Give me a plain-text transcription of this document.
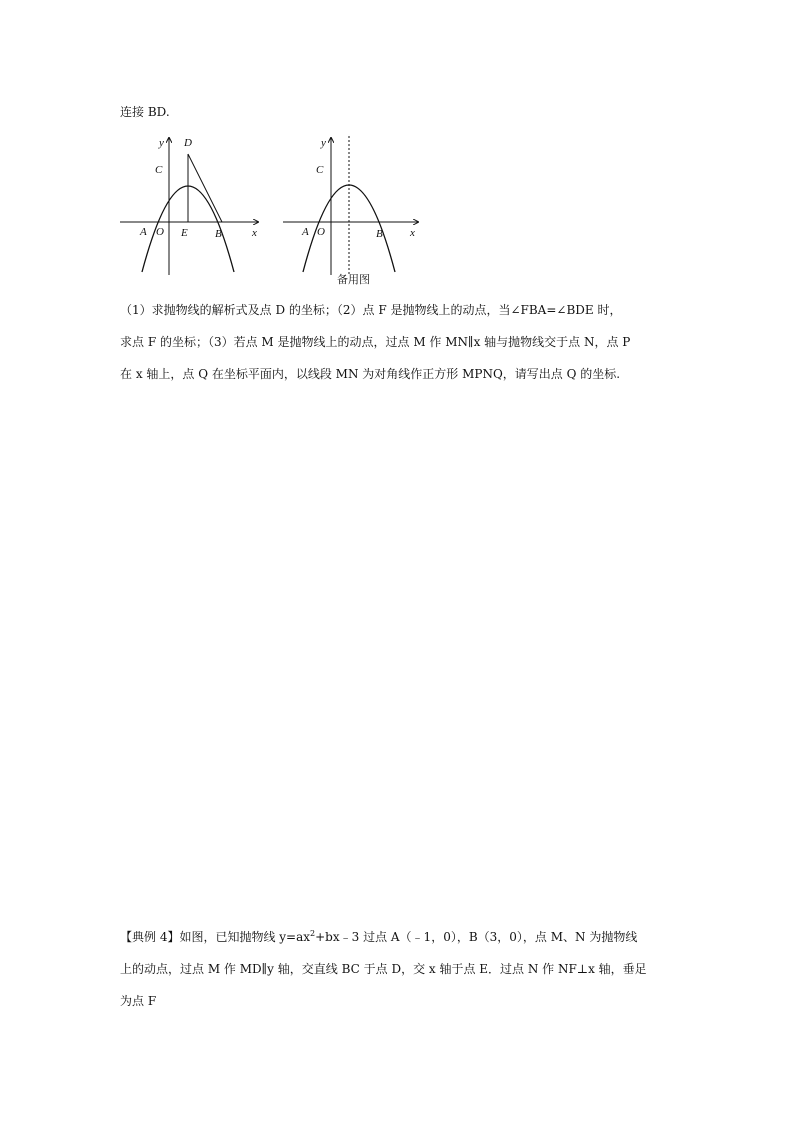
连接 BD.
y
x
D
C
A O E B
y
x
C
A O	B
备用图
（1）求抛物线的解析式及点 D 的坐标；（2）点 F 是抛物线上的动点，当∠FBA=∠BDE 时，
求点 F 的坐标；（3）若点 M 是抛物线上的动点，过点 M 作 MN∥x 轴与抛物线交于点 N，点 P
在 x 轴上，点 Q 在坐标平面内，以线段 MN 为对角线作正方形 MPNQ，请写出点 Q 的坐标.
【典例 4】如图，已知抛物线 $y=ax^2+bx﹣3$ 过点 A（﹣1，0），B（3，0），点 M、N 为抛物线
上的动点，过点 M 作 MD∥y 轴，交直线 BC 于点 D，交 x 轴于点 E．过点 N 作 NF⊥x 轴，垂足
为点 F
